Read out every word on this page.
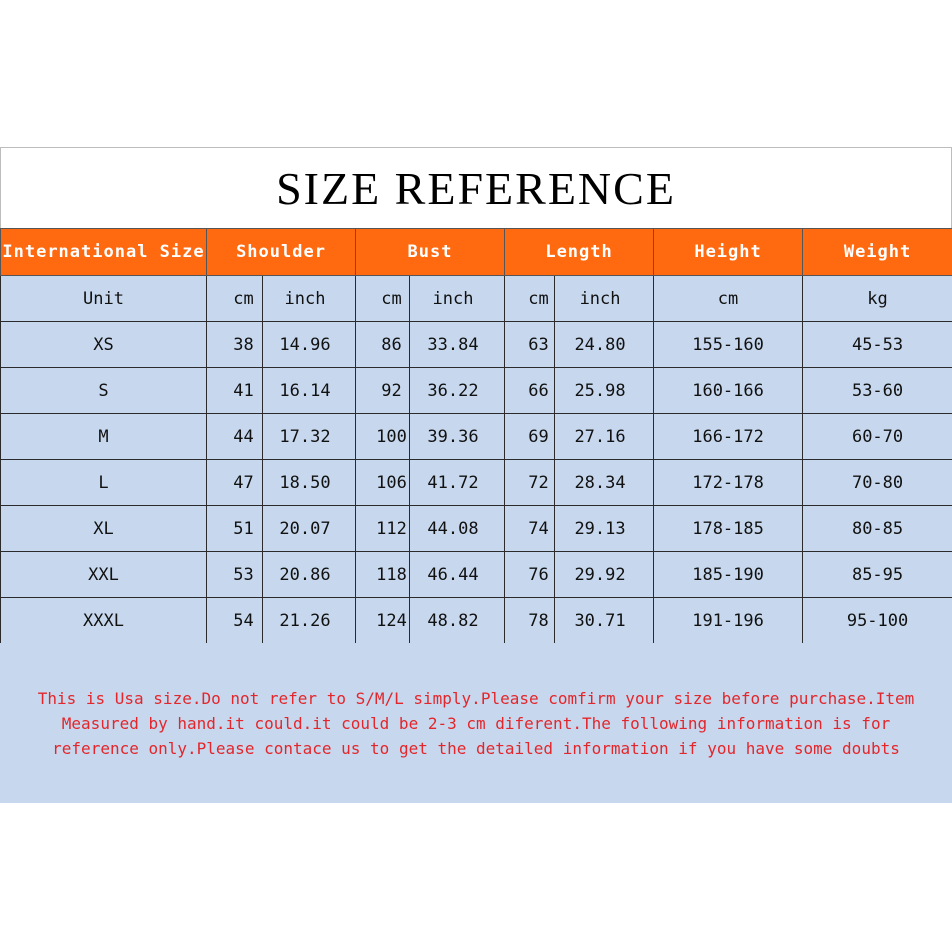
SIZE REFERENCE
International Size	Shoulder		Bust		Length		Height	Weight
Unit	cm	inch	cm	inch	cm	inch	cm	kg
XS	38	14.96	86	33.84	63	24.80	155-160	45-53
S	41	16.14	92	36.22	66	25.98	160-166	53-60
M	44	17.32	100	39.36	69	27.16	166-172	60-70
L	47	18.50	106	41.72	72	28.34	172-178	70-80
XL	51	20.07	112	44.08	74	29.13	178-185	80-85
XXL	53	20.86	118	46.44	76	29.92	185-190	85-95
XXXL	54	21.26	124	48.82	78	30.71	191-196	95-100

This is Usa size.Do not refer to S/M/L simply.Please comfirm your size before purchase.Item
Measured by hand.it could.it could be 2-3 cm diferent.The following information is for
reference only.Please contace us to get the detailed information if you have some doubts
